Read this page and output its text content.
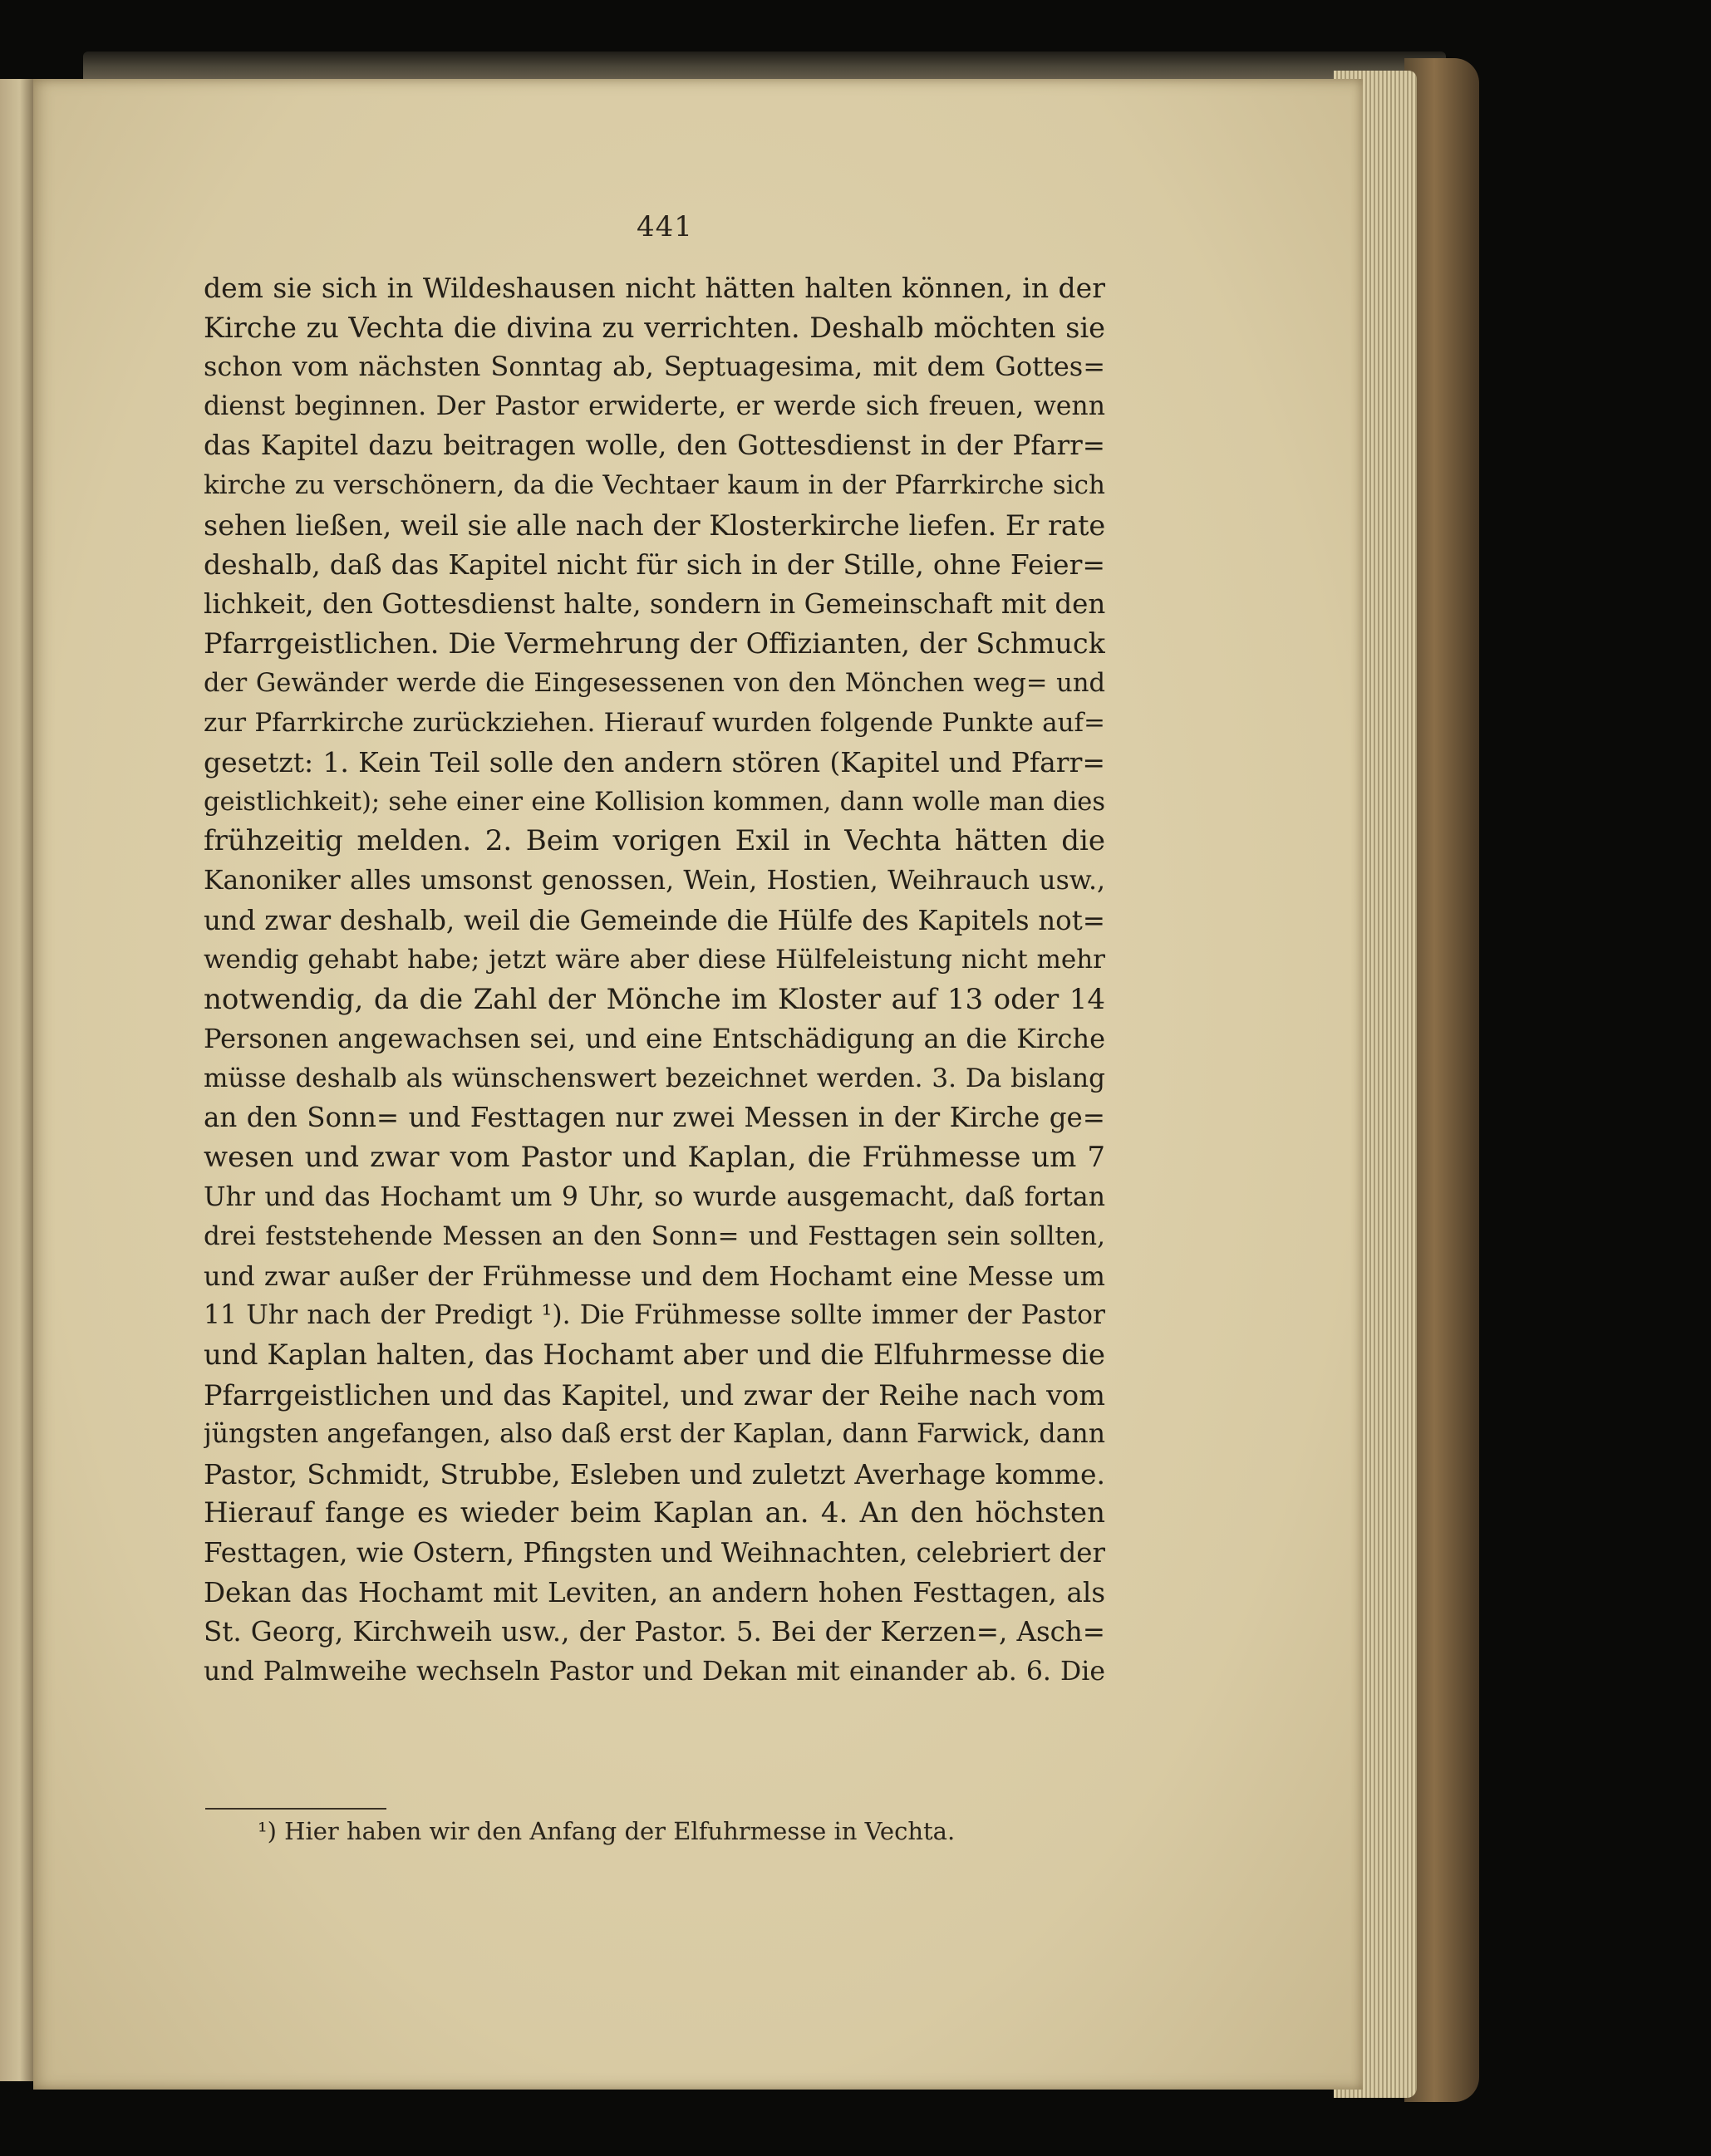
441
dem sie sich in Wildeshausen nicht hätten halten können, in der
Kirche zu Vechta die divina zu verrichten. Deshalb möchten sie
schon vom nächsten Sonntag ab, Septuagesima, mit dem Gottes=
dienst beginnen. Der Pastor erwiderte, er werde sich freuen, wenn
das Kapitel dazu beitragen wolle, den Gottesdienst in der Pfarr=
kirche zu verschönern, da die Vechtaer kaum in der Pfarrkirche sich
sehen ließen, weil sie alle nach der Klosterkirche liefen. Er rate
deshalb, daß das Kapitel nicht für sich in der Stille, ohne Feier=
lichkeit, den Gottesdienst halte, sondern in Gemeinschaft mit den
Pfarrgeistlichen. Die Vermehrung der Offizianten, der Schmuck
der Gewänder werde die Eingesessenen von den Mönchen weg= und
zur Pfarrkirche zurückziehen. Hierauf wurden folgende Punkte auf=
gesetzt: 1. Kein Teil solle den andern stören (Kapitel und Pfarr=
geistlichkeit); sehe einer eine Kollision kommen, dann wolle man dies
frühzeitig melden. 2. Beim vorigen Exil in Vechta hätten die
Kanoniker alles umsonst genossen, Wein, Hostien, Weihrauch usw.,
und zwar deshalb, weil die Gemeinde die Hülfe des Kapitels not=
wendig gehabt habe; jetzt wäre aber diese Hülfeleistung nicht mehr
notwendig, da die Zahl der Mönche im Kloster auf 13 oder 14
Personen angewachsen sei, und eine Entschädigung an die Kirche
müsse deshalb als wünschenswert bezeichnet werden. 3. Da bislang
an den Sonn= und Festtagen nur zwei Messen in der Kirche ge=
wesen und zwar vom Pastor und Kaplan, die Frühmesse um 7
Uhr und das Hochamt um 9 Uhr, so wurde ausgemacht, daß fortan
drei feststehende Messen an den Sonn= und Festtagen sein sollten,
und zwar außer der Frühmesse und dem Hochamt eine Messe um
11 Uhr nach der Predigt ¹). Die Frühmesse sollte immer der Pastor
und Kaplan halten, das Hochamt aber und die Elfuhrmesse die
Pfarrgeistlichen und das Kapitel, und zwar der Reihe nach vom
jüngsten angefangen, also daß erst der Kaplan, dann Farwick, dann
Pastor, Schmidt, Strubbe, Esleben und zuletzt Averhage komme.
Hierauf fange es wieder beim Kaplan an. 4. An den höchsten
Festtagen, wie Ostern, Pfingsten und Weihnachten, celebriert der
Dekan das Hochamt mit Leviten, an andern hohen Festtagen, als
St. Georg, Kirchweih usw., der Pastor. 5. Bei der Kerzen=, Asch=
und Palmweihe wechseln Pastor und Dekan mit einander ab. 6. Die
¹) Hier haben wir den Anfang der Elfuhrmesse in Vechta.
